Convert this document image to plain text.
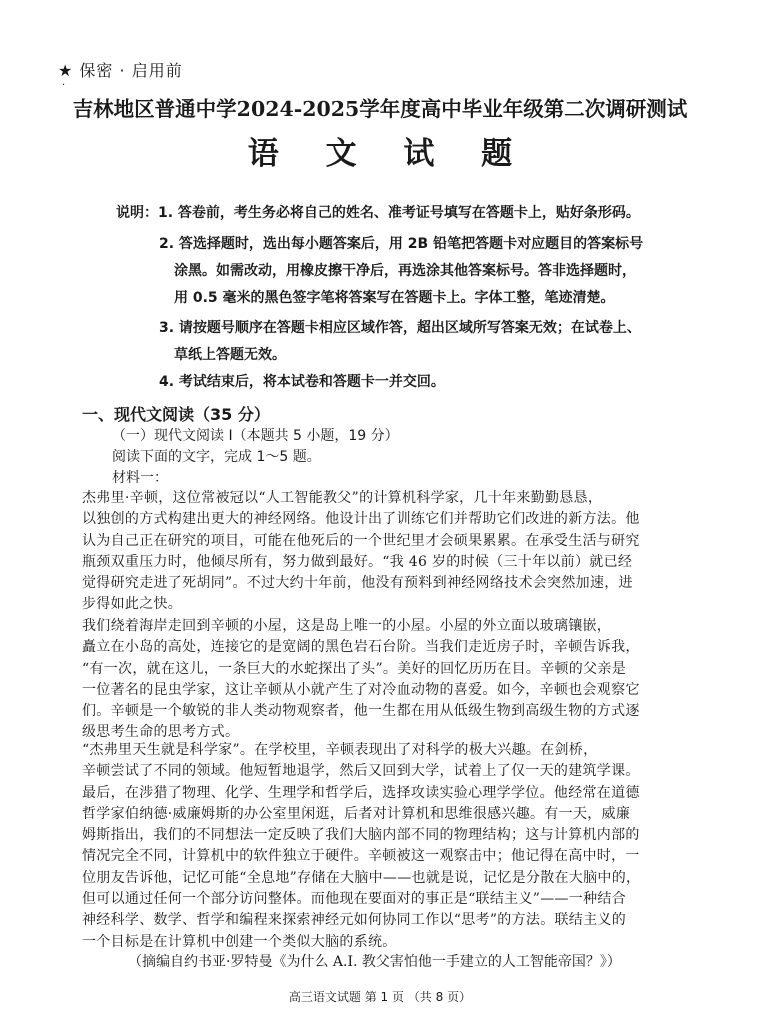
★ 保密 · 启用前
·
吉林地区普通中学2024-2025学年度高中毕业年级第二次调研测试
语 文 试 题
说明：1. 答卷前，考生务必将自己的姓名、准考证号填写在答题卡上，贴好条形码。
2. 答选择题时，选出每小题答案后，用 2B 铅笔把答题卡对应题目的答案标号
涂黑。如需改动，用橡皮擦干净后，再选涂其他答案标号。答非选择题时，
用 0.5 毫米的黑色签字笔将答案写在答题卡上。字体工整，笔迹清楚。
3. 请按题号顺序在答题卡相应区域作答，超出区域所写答案无效；在试卷上、
草纸上答题无效。
4. 考试结束后，将本试卷和答题卡一并交回。
一、现代文阅读（35 分）
（一）现代文阅读 I（本题共 5 小题，19 分）
阅读下面的文字，完成 1～5 题。
材料一：
杰弗里·辛顿，这位常被冠以“人工智能教父”的计算机科学家，几十年来勤勤恳恳，
以独创的方式构建出更大的神经网络。他设计出了训练它们并帮助它们改进的新方法。他
认为自己正在研究的项目，可能在他死后的一个世纪里才会硕果累累。在承受生活与研究
瓶颈双重压力时，他倾尽所有，努力做到最好。“我 46 岁的时候（三十年以前）就已经
觉得研究走进了死胡同”。不过大约十年前，他没有预料到神经网络技术会突然加速，进
步得如此之快。
我们绕着海岸走回到辛顿的小屋，这是岛上唯一的小屋。小屋的外立面以玻璃镶嵌，
矗立在小岛的高处，连接它的是宽阔的黑色岩石台阶。当我们走近房子时，辛顿告诉我，
“有一次，就在这儿，一条巨大的水蛇探出了头”。美好的回忆历历在目。辛顿的父亲是
一位著名的昆虫学家，这让辛顿从小就产生了对冷血动物的喜爱。如今，辛顿也会观察它
们。辛顿是一个敏锐的非人类动物观察者，他一生都在用从低级生物到高级生物的方式逐
级思考生命的思考方式。
“杰弗里天生就是科学家”。在学校里，辛顿表现出了对科学的极大兴趣。在剑桥，
辛顿尝试了不同的领域。他短暂地退学，然后又回到大学，试着上了仅一天的建筑学课。
最后，在涉猎了物理、化学、生理学和哲学后，选择攻读实验心理学学位。他经常在道德
哲学家伯纳德·威廉姆斯的办公室里闲逛，后者对计算机和思维很感兴趣。有一天，威廉
姆斯指出，我们的不同想法一定反映了我们大脑内部不同的物理结构；这与计算机内部的
情况完全不同，计算机中的软件独立于硬件。辛顿被这一观察击中；他记得在高中时，一
位朋友告诉他，记忆可能“全息地”存储在大脑中——也就是说，记忆是分散在大脑中的，
但可以通过任何一个部分访问整体。而他现在要面对的事正是“联结主义”——一种结合
神经科学、数学、哲学和编程来探索神经元如何协同工作以“思考”的方法。联结主义的
一个目标是在计算机中创建一个类似大脑的系统。
（摘编自约书亚·罗特曼《为什么 A.I. 教父害怕他一手建立的人工智能帝国？》）
高三语文试题 第 1 页 （共 8 页）
